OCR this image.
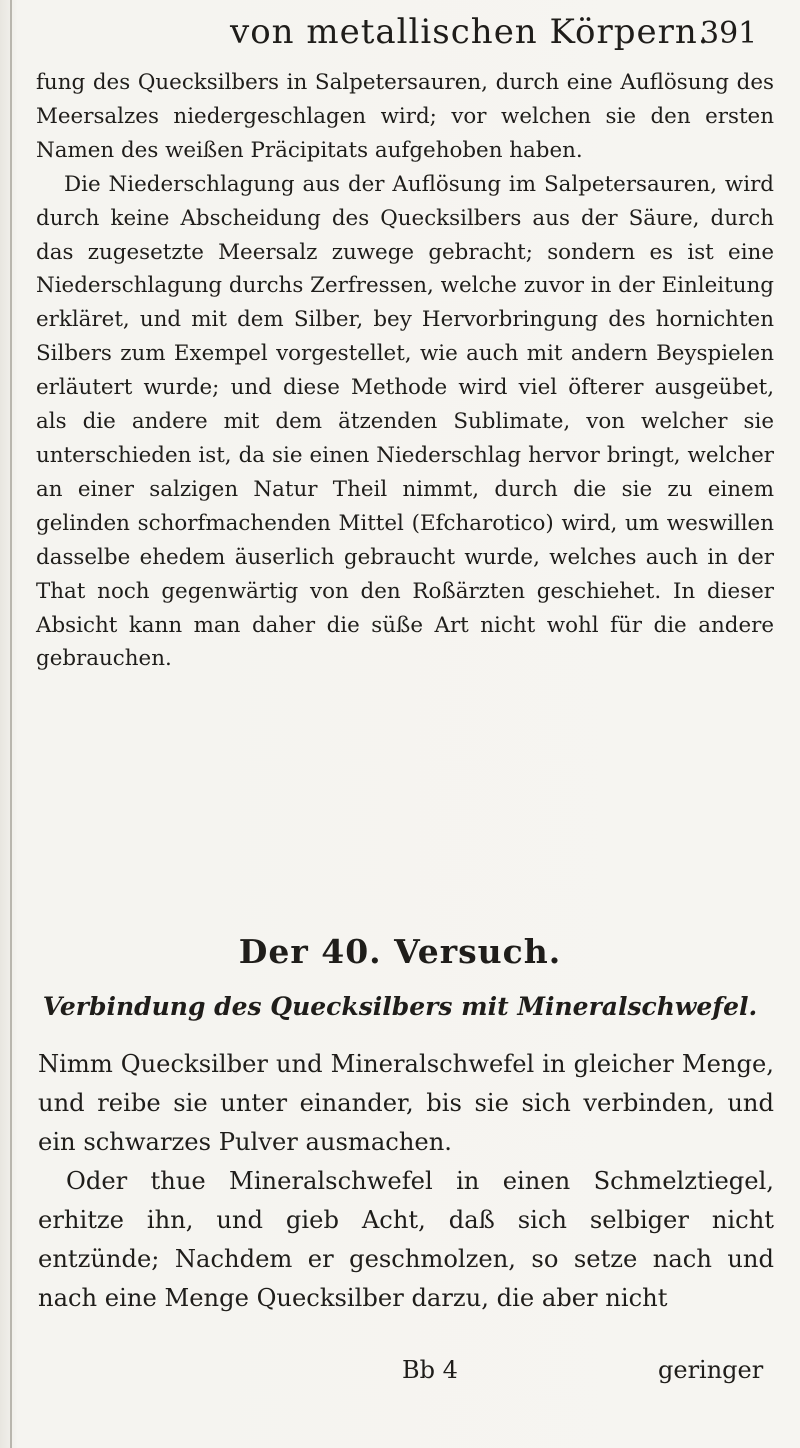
von metallischen Körpern.
391

fung des Quecksilbers in Salpetersauren, durch eine Auflösung des Meersalzes niedergeschlagen wird; vor welchen sie den ersten Namen des weißen Präcipitats aufgehoben haben.

Die Niederschlagung aus der Auflösung im Salpetersauren, wird durch keine Abscheidung des Quecksilbers aus der Säure, durch das zugesetzte Meersalz zuwege gebracht; sondern es ist eine Niederschlagung durchs Zerfressen, welche zuvor in der Einleitung erkläret, und mit dem Silber, bey Hervorbringung des hornichten Silbers zum Exempel vorgestellet, wie auch mit andern Beyspielen erläutert wurde; und diese Methode wird viel öfterer ausgeübet, als die andere mit dem ätzenden Sublimate, von welcher sie unterschieden ist, da sie einen Niederschlag hervor bringt, welcher an einer salzigen Natur Theil nimmt, durch die sie zu einem gelinden schorfmachenden Mittel (Efcharotico) wird, um weswillen dasselbe ehedem äuserlich gebraucht wurde, welches auch in der That noch gegenwärtig von den Roßärzten geschiehet. In dieser Absicht kann man daher die süße Art nicht wohl für die andere gebrauchen.

Der 40. Versuch.
Verbindung des Quecksilbers mit Mineralschwefel.

Nimm Quecksilber und Mineralschwefel in gleicher Menge, und reibe sie unter einander, bis sie sich verbinden, und ein schwarzes Pulver ausmachen.

Oder thue Mineralschwefel in einen Schmelztiegel, erhitze ihn, und gieb Acht, daß sich selbiger nicht entzünde; Nachdem er geschmolzen, so setze nach und nach eine Menge Quecksilber darzu, die aber nicht

Bb 4	geringer
